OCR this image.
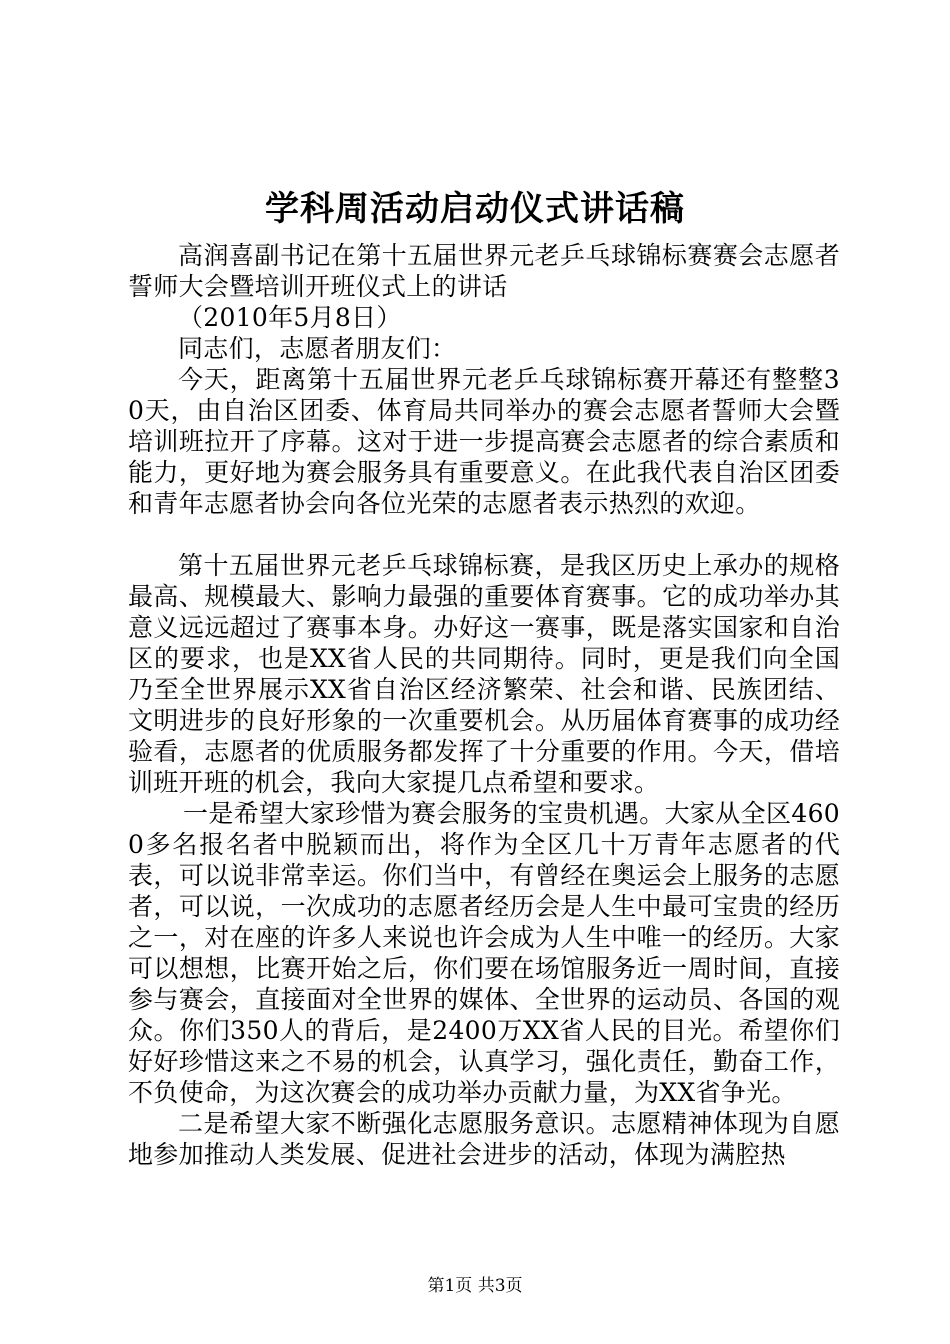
学科周活动启动仪式讲话稿

高润喜副书记在第十五届世界元老乒乓球锦标赛赛会志愿者誓师大会暨培训开班仪式上的讲话

（2010年5月8日）

同志们，志愿者朋友们：

今天，距离第十五届世界元老乒乓球锦标赛开幕还有整整30天，由自治区团委、体育局共同举办的赛会志愿者誓师大会暨培训班拉开了序幕。这对于进一步提高赛会志愿者的综合素质和能力，更好地为赛会服务具有重要意义。在此我代表自治区团委和青年志愿者协会向各位光荣的志愿者表示热烈的欢迎。

第十五届世界元老乒乓球锦标赛，是我区历史上承办的规格最高、规模最大、影响力最强的重要体育赛事。它的成功举办其意义远远超过了赛事本身。办好这一赛事，既是落实国家和自治区的要求，也是XX省人民的共同期待。同时，更是我们向全国乃至全世界展示XX省自治区经济繁荣、社会和谐、民族团结、文明进步的良好形象的一次重要机会。从历届体育赛事的成功经验看，志愿者的优质服务都发挥了十分重要的作用。今天，借培训班开班的机会，我向大家提几点希望和要求。

一是希望大家珍惜为赛会服务的宝贵机遇。大家从全区4600多名报名者中脱颖而出，将作为全区几十万青年志愿者的代表，可以说非常幸运。你们当中，有曾经在奥运会上服务的志愿者，可以说，一次成功的志愿者经历会是人生中最可宝贵的经历之一，对在座的许多人来说也许会成为人生中唯一的经历。大家可以想想，比赛开始之后，你们要在场馆服务近一周时间，直接参与赛会，直接面对全世界的媒体、全世界的运动员、各国的观众。你们350人的背后，是2400万XX省人民的目光。希望你们好好珍惜这来之不易的机会，认真学习，强化责任，勤奋工作，不负使命，为这次赛会的成功举办贡献力量，为XX省争光。

二是希望大家不断强化志愿服务意识。志愿精神体现为自愿地参加推动人类发展、促进社会进步的活动，体现为满腔热

第1页 共3页
